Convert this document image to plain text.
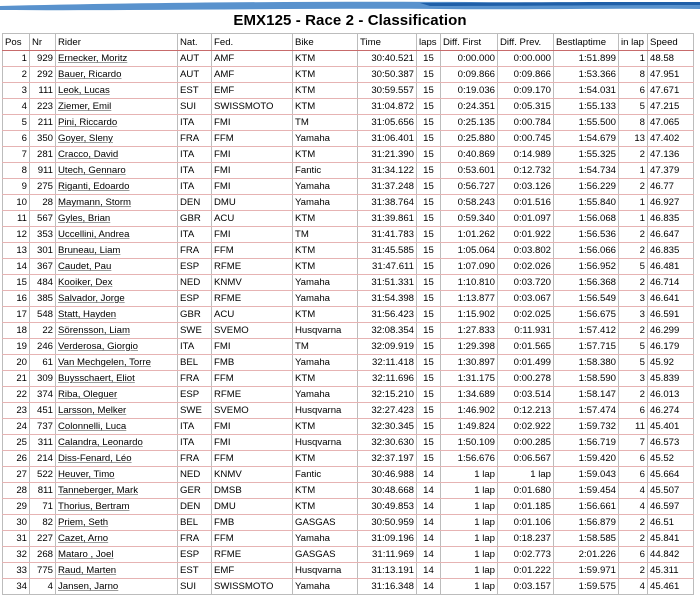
EMX125 - Race 2 - Classification
Pos	Nr	Rider	Nat.	Fed.	Bike	Time	laps	Diff. First	Diff. Prev.	Bestlaptime	in lap	Speed
1	929	Ernecker, Moritz	AUT	AMF	KTM	30:40.521	15	0:00.000	0:00.000	1:51.899	1	48.58
2	292	Bauer, Ricardo	AUT	AMF	KTM	30:50.387	15	0:09.866	0:09.866	1:53.366	8	47.951
3	111	Leok, Lucas	EST	EMF	KTM	30:59.557	15	0:19.036	0:09.170	1:54.031	6	47.671
4	223	Ziemer, Emil	SUI	SWISSMOTO	KTM	31:04.872	15	0:24.351	0:05.315	1:55.133	5	47.215
5	211	Pini, Riccardo	ITA	FMI	TM	31:05.656	15	0:25.135	0:00.784	1:55.500	8	47.065
6	350	Goyer, Sleny	FRA	FFM	Yamaha	31:06.401	15	0:25.880	0:00.745	1:54.679	13	47.402
7	281	Cracco, David	ITA	FMI	KTM	31:21.390	15	0:40.869	0:14.989	1:55.325	2	47.136
8	911	Utech, Gennaro	ITA	FMI	Fantic	31:34.122	15	0:53.601	0:12.732	1:54.734	1	47.379
9	275	Riganti, Edoardo	ITA	FMI	Yamaha	31:37.248	15	0:56.727	0:03.126	1:56.229	2	46.77
10	28	Maymann, Storm	DEN	DMU	Yamaha	31:38.764	15	0:58.243	0:01.516	1:55.840	1	46.927
11	567	Gyles, Brian	GBR	ACU	KTM	31:39.861	15	0:59.340	0:01.097	1:56.068	1	46.835
12	353	Uccellini, Andrea	ITA	FMI	TM	31:41.783	15	1:01.262	0:01.922	1:56.536	2	46.647
13	301	Bruneau, Liam	FRA	FFM	KTM	31:45.585	15	1:05.064	0:03.802	1:56.066	2	46.835
14	367	Caudet, Pau	ESP	RFME	KTM	31:47.611	15	1:07.090	0:02.026	1:56.952	5	46.481
15	484	Kooiker, Dex	NED	KNMV	Yamaha	31:51.331	15	1:10.810	0:03.720	1:56.368	2	46.714
16	385	Salvador, Jorge	ESP	RFME	Yamaha	31:54.398	15	1:13.877	0:03.067	1:56.549	3	46.641
17	548	Statt, Hayden	GBR	ACU	KTM	31:56.423	15	1:15.902	0:02.025	1:56.675	3	46.591
18	22	Sörensson, Liam	SWE	SVEMO	Husqvarna	32:08.354	15	1:27.833	0:11.931	1:57.412	2	46.299
19	246	Verderosa, Giorgio	ITA	FMI	TM	32:09.919	15	1:29.398	0:01.565	1:57.715	5	46.179
20	61	Van Mechgelen, Torre	BEL	FMB	Yamaha	32:11.418	15	1:30.897	0:01.499	1:58.380	5	45.92
21	309	Buysschaert, Eliot	FRA	FFM	KTM	32:11.696	15	1:31.175	0:00.278	1:58.590	3	45.839
22	374	Riba, Oleguer	ESP	RFME	Yamaha	32:15.210	15	1:34.689	0:03.514	1:58.147	2	46.013
23	451	Larsson, Melker	SWE	SVEMO	Husqvarna	32:27.423	15	1:46.902	0:12.213	1:57.474	6	46.274
24	737	Colonnelli, Luca	ITA	FMI	KTM	32:30.345	15	1:49.824	0:02.922	1:59.732	11	45.401
25	311	Calandra, Leonardo	ITA	FMI	Husqvarna	32:30.630	15	1:50.109	0:00.285	1:56.719	7	46.573
26	214	Diss-Fenard, Léo	FRA	FFM	KTM	32:37.197	15	1:56.676	0:06.567	1:59.420	6	45.52
27	522	Heuver, Timo	NED	KNMV	Fantic	30:46.988	14	1 lap	1 lap	1:59.043	6	45.664
28	811	Tanneberger, Mark	GER	DMSB	KTM	30:48.668	14	1 lap	0:01.680	1:59.454	4	45.507
29	71	Thorius, Bertram	DEN	DMU	KTM	30:49.853	14	1 lap	0:01.185	1:56.661	4	46.597
30	82	Priem, Seth	BEL	FMB	GASGAS	30:50.959	14	1 lap	0:01.106	1:56.879	2	46.51
31	227	Cazet, Arno	FRA	FFM	Yamaha	31:09.196	14	1 lap	0:18.237	1:58.585	2	45.841
32	268	Mataro , Joel	ESP	RFME	GASGAS	31:11.969	14	1 lap	0:02.773	2:01.226	6	44.842
33	775	Raud, Marten	EST	EMF	Husqvarna	31:13.191	14	1 lap	0:01.222	1:59.971	2	45.311
34	4	Jansen, Jarno	SUI	SWISSMOTO	Yamaha	31:16.348	14	1 lap	0:03.157	1:59.575	4	45.461
